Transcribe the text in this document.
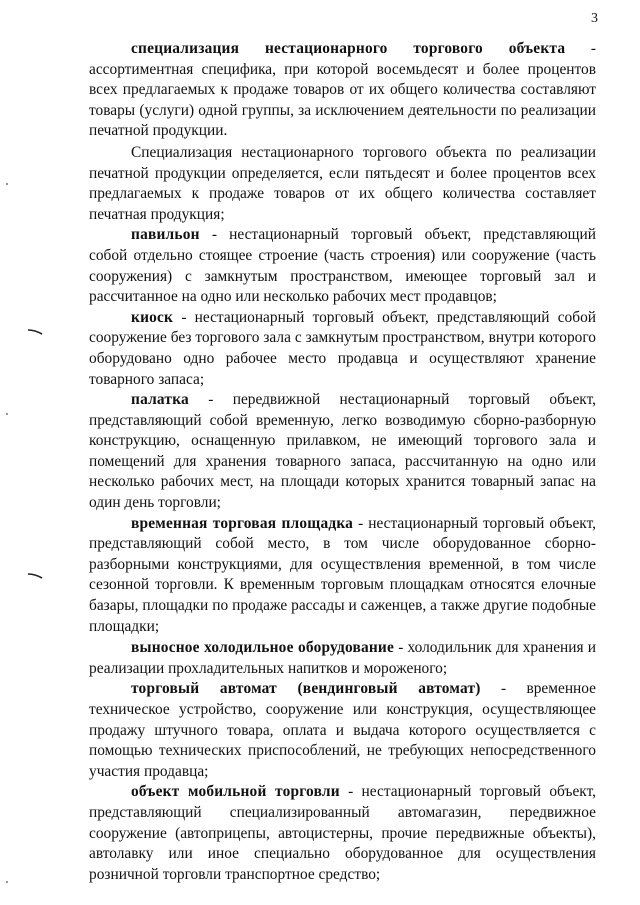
3

специализация нестационарного торгового объекта - ассортиментная специфика, при которой восемьдесят и более процентов всех предлагаемых к продаже товаров от их общего количества составляют товары (услуги) одной группы, за исключением деятельности по реализации печатной продукции.

Специализация нестационарного торгового объекта по реализации печатной продукции определяется, если пятьдесят и более процентов всех предлагаемых к продаже товаров от их общего количества составляет печатная продукция;

павильон - нестационарный торговый объект, представляющий собой отдельно стоящее строение (часть строения) или сооружение (часть сооружения) с замкнутым пространством, имеющее торговый зал и рассчитанное на одно или несколько рабочих мест продавцов;

киоск - нестационарный торговый объект, представляющий собой сооружение без торгового зала с замкнутым пространством, внутри которого оборудовано одно рабочее место продавца и осуществляют хранение товарного запаса;

палатка - передвижной нестационарный торговый объект, представляющий собой временную, легко возводимую сборно-разборную конструкцию, оснащенную прилавком, не имеющий торгового зала и помещений для хранения товарного запаса, рассчитанную на одно или несколько рабочих мест, на площади которых хранится товарный запас на один день торговли;

временная торговая площадка - нестационарный торговый объект, представляющий собой место, в том числе оборудованное сборно-разборными конструкциями, для осуществления временной, в том числе сезонной торговли. К временным торговым площадкам относятся елочные базары, площадки по продаже рассады и саженцев, а также другие подобные площадки;

выносное холодильное оборудование - холодильник для хранения и реализации прохладительных напитков и мороженого;

торговый автомат (вендинговый автомат) - временное техническое устройство, сооружение или конструкция, осуществляющее продажу штучного товара, оплата и выдача которого осуществляется с помощью технических приспособлений, не требующих непосредственного участия продавца;

объект мобильной торговли - нестационарный торговый объект, представляющий специализированный автомагазин, передвижное сооружение (автоприцепы, автоцистерны, прочие передвижные объекты), автолавку или иное специально оборудованное для осуществления розничной торговли транспортное средство;
